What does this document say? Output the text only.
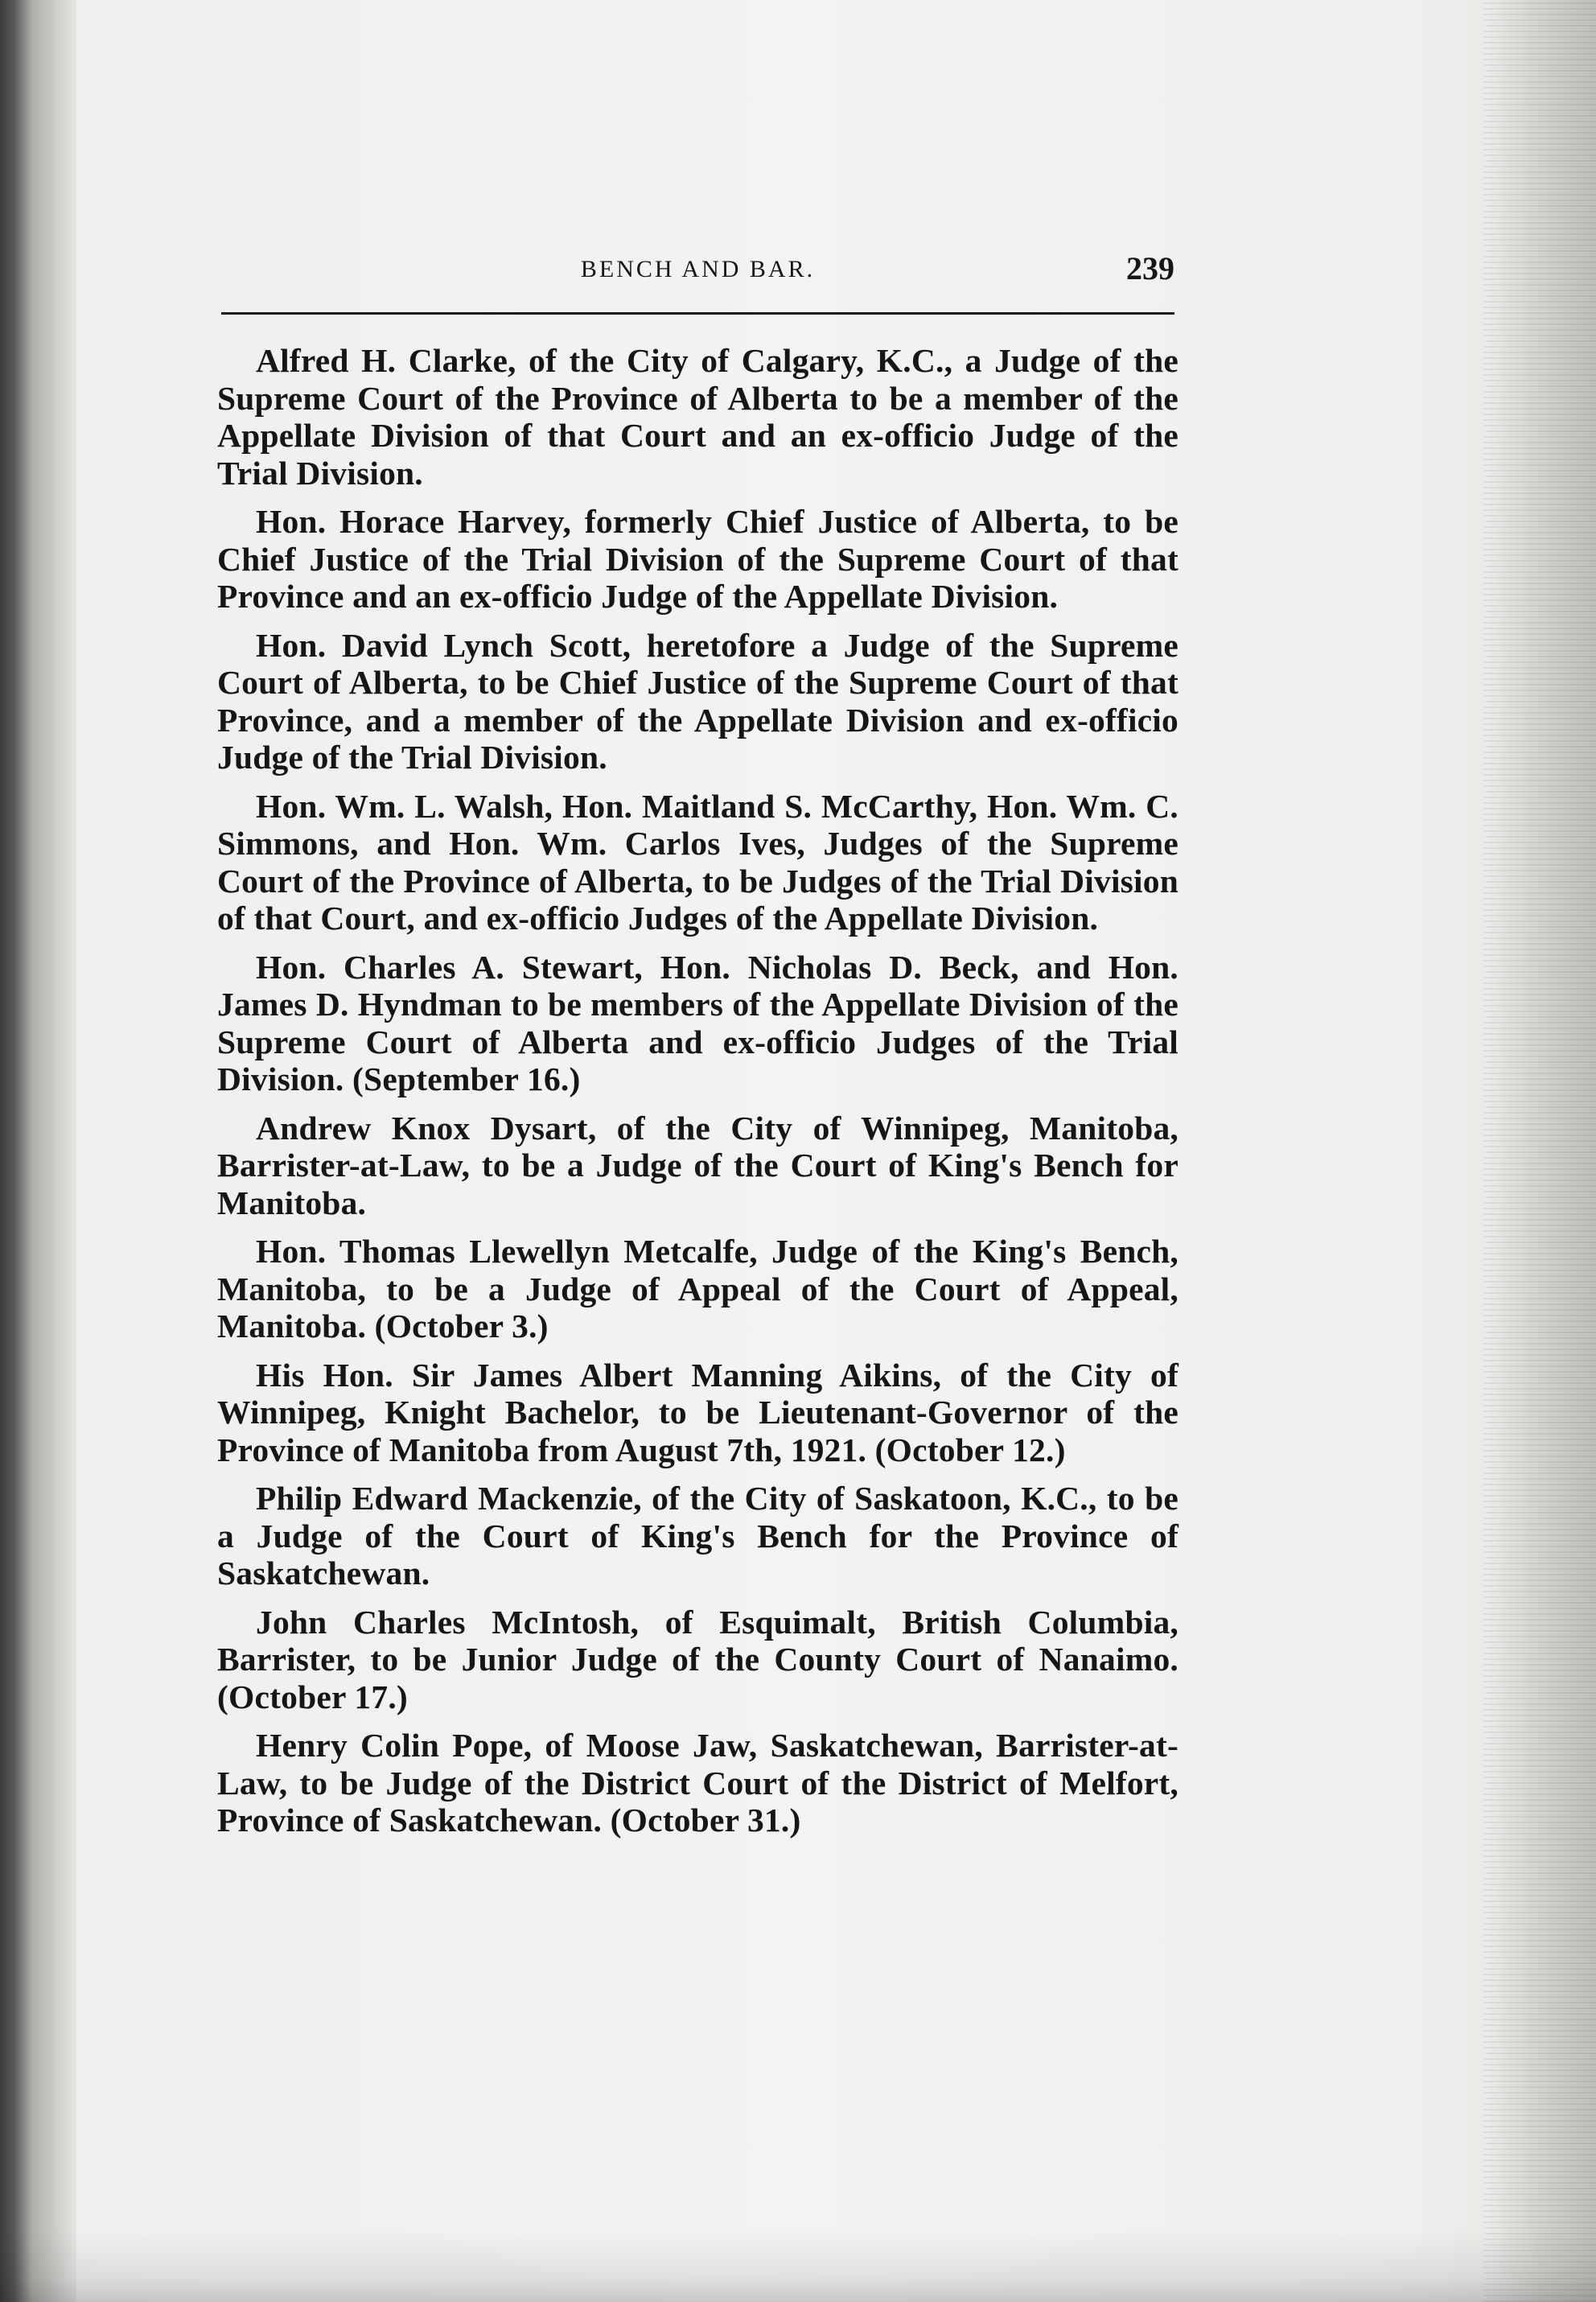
BENCH AND BAR.	239

Alfred H. Clarke, of the City of Calgary, K.C., a Judge of the Supreme Court of the Province of Alberta to be a member of the Appellate Division of that Court and an ex-officio Judge of the Trial Division.

Hon. Horace Harvey, formerly Chief Justice of Alberta, to be Chief Justice of the Trial Division of the Supreme Court of that Province and an ex-officio Judge of the Appellate Division.

Hon. David Lynch Scott, heretofore a Judge of the Supreme Court of Alberta, to be Chief Justice of the Supreme Court of that Province, and a member of the Appellate Division and ex-officio Judge of the Trial Division.

Hon. Wm. L. Walsh, Hon. Maitland S. McCarthy, Hon. Wm. C. Simmons, and Hon. Wm. Carlos Ives, Judges of the Supreme Court of the Province of Alberta, to be Judges of the Trial Division of that Court, and ex-officio Judges of the Appellate Division.

Hon. Charles A. Stewart, Hon. Nicholas D. Beck, and Hon. James D. Hyndman to be members of the Appellate Division of the Supreme Court of Alberta and ex-officio Judges of the Trial Division. (September 16.)

Andrew Knox Dysart, of the City of Winnipeg, Manitoba, Barrister-at-Law, to be a Judge of the Court of King's Bench for Manitoba.

Hon. Thomas Llewellyn Metcalfe, Judge of the King's Bench, Manitoba, to be a Judge of Appeal of the Court of Appeal, Manitoba. (October 3.)

His Hon. Sir James Albert Manning Aikins, of the City of Winnipeg, Knight Bachelor, to be Lieutenant-Governor of the Province of Manitoba from August 7th, 1921. (October 12.)

Philip Edward Mackenzie, of the City of Saskatoon, K.C., to be a Judge of the Court of King's Bench for the Province of Saskatchewan.

John Charles McIntosh, of Esquimalt, British Columbia, Barrister, to be Junior Judge of the County Court of Nanaimo. (October 17.)

Henry Colin Pope, of Moose Jaw, Saskatchewan, Barrister-at-Law, to be Judge of the District Court of the District of Melfort, Province of Saskatchewan. (October 31.)
